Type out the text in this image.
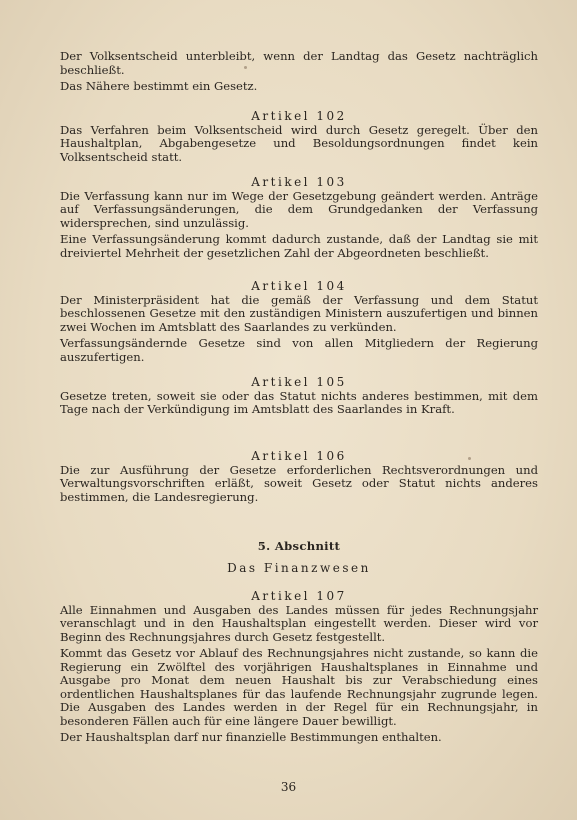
Der Volksentscheid unterbleibt, wenn der Landtag das Gesetz nachträglich beschließt.

Das Nähere bestimmt ein Gesetz.

Artikel 102

Das Verfahren beim Volksentscheid wird durch Gesetz geregelt. Über den Haushaltplan, Abgabengesetze und Besoldungsordnungen findet kein Volksentscheid statt.

Artikel 103

Die Verfassung kann nur im Wege der Gesetzgebung geändert werden. Anträge auf Verfassungsänderungen, die dem Grundgedanken der Verfassung widersprechen, sind unzulässig.

Eine Verfassungsänderung kommt dadurch zustande, daß der Landtag sie mit dreiviertel Mehrheit der gesetzlichen Zahl der Abgeordneten beschließt.

Artikel 104

Der Ministerpräsident hat die gemäß der Verfassung und dem Statut beschlossenen Gesetze mit den zuständigen Ministern auszufertigen und binnen zwei Wochen im Amtsblatt des Saarlandes zu verkünden.

Verfassungsändernde Gesetze sind von allen Mitgliedern der Regierung auszufertigen.

Artikel 105

Gesetze treten, soweit sie oder das Statut nichts anderes bestimmen, mit dem Tage nach der Verkündigung im Amtsblatt des Saarlandes in Kraft.

Artikel 106

Die zur Ausführung der Gesetze erforderlichen Rechtsverordnungen und Verwaltungsvorschriften erläßt, soweit Gesetz oder Statut nichts anderes bestimmen, die Landesregierung.

5. Abschnitt

Das Finanzwesen

Artikel 107

Alle Einnahmen und Ausgaben des Landes müssen für jedes Rechnungsjahr veranschlagt und in den Haushaltsplan eingestellt werden. Dieser wird vor Beginn des Rechnungsjahres durch Gesetz festgestellt.

Kommt das Gesetz vor Ablauf des Rechnungsjahres nicht zustande, so kann die Regierung ein Zwölftel des vorjährigen Haushaltsplanes in Einnahme und Ausgabe pro Monat dem neuen Haushalt bis zur Verabschiedung eines ordentlichen Haushaltsplanes für das laufende Rechnungsjahr zugrunde legen. Die Ausgaben des Landes werden in der Regel für ein Rechnungsjahr, in besonderen Fällen auch für eine längere Dauer bewilligt.

Der Haushaltsplan darf nur finanzielle Bestimmungen enthalten.

36
